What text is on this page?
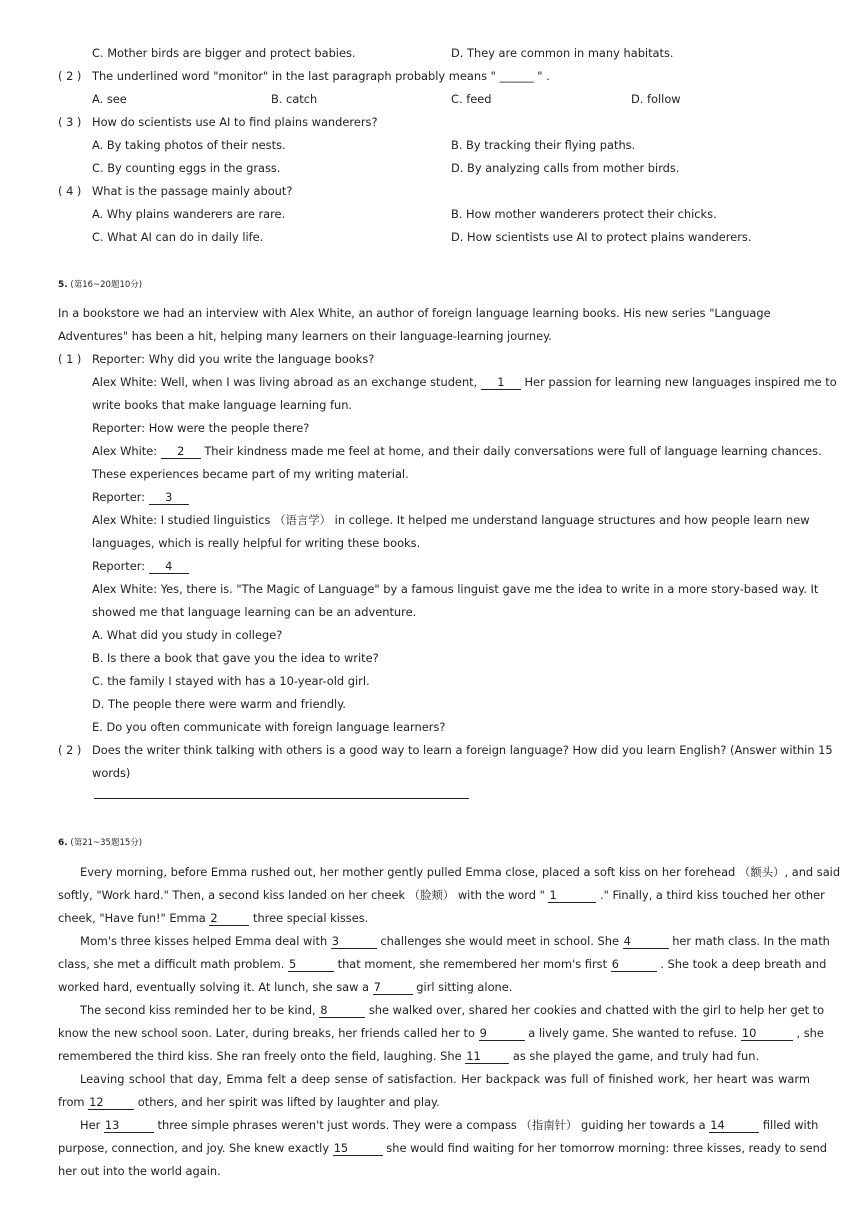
C. Mother birds are bigger and protect babies.	D. They are common in many habitats.
( 2 ) The underlined word "monitor" in the last paragraph probably means " ______ " .
A. see	B. catch	C. feed	D. follow
( 3 ) How do scientists use AI to find plains wanderers?
A. By taking photos of their nests.	B. By tracking their flying paths.
C. By counting eggs in the grass.	D. By analyzing calls from mother birds.
( 4 ) What is the passage mainly about?
A. Why plains wanderers are rare.	B. How mother wanderers protect their chicks.
C. What AI can do in daily life.	D. How scientists use AI to protect plains wanderers.
5. (第16~20题10分)
In a bookstore we had an interview with Alex White, an author of foreign language learning books. His new series "Language
Adventures" has been a hit, helping many learners on their language-learning journey.
( 1 ) Reporter: Why did you write the language books?
Alex White: Well, when I was living abroad as an exchange student, 1 Her passion for learning new languages inspired me to
write books that make language learning fun.
Reporter: How were the people there?
Alex White: 2 Their kindness made me feel at home, and their daily conversations were full of language learning chances.
These experiences became part of my writing material.
Reporter: 3
Alex White: I studied linguistics （语言学） in college. It helped me understand language structures and how people learn new
languages, which is really helpful for writing these books.
Reporter: 4
Alex White: Yes, there is. "The Magic of Language" by a famous linguist gave me the idea to write in a more story-based way. It
showed me that language learning can be an adventure.
A. What did you study in college?
B. Is there a book that gave you the idea to write?
C. the family I stayed with has a 10-year-old girl.
D. The people there were warm and friendly.
E. Do you often communicate with foreign language learners?
( 2 ) Does the writer think talking with others is a good way to learn a foreign language? How did you learn English? (Answer within 15
words)
6. (第21~35题15分)
Every morning, before Emma rushed out, her mother gently pulled Emma close, placed a soft kiss on her forehead （额头）, and said
softly, "Work hard." Then, a second kiss landed on her cheek （脸颊） with the word " 1	." Finally, a third kiss touched her other
cheek, "Have fun!" Emma 2	three special kisses.
Mom's three kisses helped Emma deal with 3	challenges she would meet in school. She 4	her math class. In the math
class, she met a difficult math problem. 5	that moment, she remembered her mom's first 6	. She took a deep breath and
worked hard, eventually solving it. At lunch, she saw a 7	girl sitting alone.
The second kiss reminded her to be kind, 8	she walked over, shared her cookies and chatted with the girl to help her get to
know the new school soon. Later, during breaks, her friends called her to 9	a lively game. She wanted to refuse. 10	, she
remembered the third kiss. She ran freely onto the field, laughing. She 11	as she played the game, and truly had fun.
Leaving school that day, Emma felt a deep sense of satisfaction. Her backpack was full of finished work, her heart was warm
from 12	others, and her spirit was lifted by laughter and play.
Her 13	three simple phrases weren't just words. They were a compass （指南针） guiding her towards a 14	filled with
purpose, connection, and joy. She knew exactly 15	she would find waiting for her tomorrow morning: three kisses, ready to send
her out into the world again.
